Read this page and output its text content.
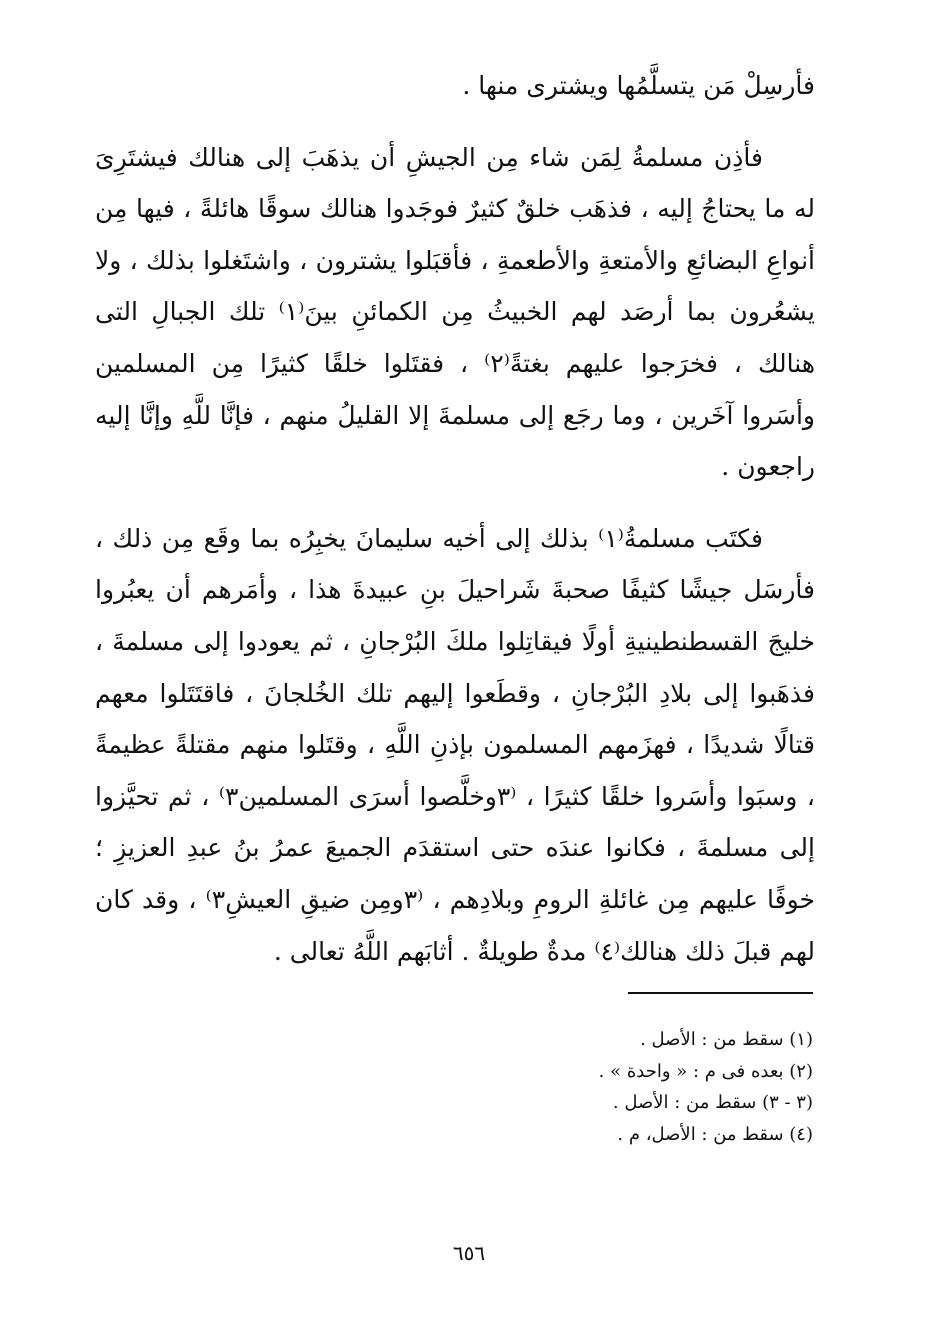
فأرسِلْ مَن يتسلَّمُها ويشترى منها .

فأذِن مسلمةُ لِمَن شاء مِن الجيشِ أن يذهَبَ إلى هنالك فيشتَرِىَ له ما يحتاجُ إليه ، فذهَب خلقٌ كثيرٌ فوجَدوا هنالك سوقًا هائلةً ، فيها مِن أنواعِ البضائعِ والأمتعةِ والأطعمةِ ، فأقبَلوا يشترون ، واشتَغلوا بذلك ، ولا يشعُرون بما أرصَد لهم الخبيثُ مِن الكمائنِ بينَ⁽١⁾ تلك الجبالِ التى هنالك ، فخرَجوا عليهم بغتةً⁽٢⁾ ، فقتَلوا خلقًا كثيرًا مِن المسلمين وأسَروا آخَرين ، وما رجَع إلى مسلمةَ إلا القليلُ منهم ، فإنَّا للَّهِ وإنَّا إليه راجعون .

فكتَب مسلمةُ⁽١⁾ بذلك إلى أخيه سليمانَ يخبِرُه بما وقَع مِن ذلك ، فأرسَل جيشًا كثيفًا صحبةَ شَراحيلَ بنِ عبيدةَ هذا ، وأمَرهم أن يعبُروا خليجَ القسطنطينيةِ أولًا فيقاتِلوا ملكَ البُرْجانِ ، ثم يعودوا إلى مسلمةَ ، فذهَبوا إلى بلادِ البُرْجانِ ، وقطَعوا إليهم تلك الخُلجانَ ، فاقتَتَلوا معهم قتالًا شديدًا ، فهزَمهم المسلمون بإذنِ اللَّهِ ، وقتَلوا منهم مقتلةً عظيمةً ، وسبَوا وأسَروا خلقًا كثيرًا ، ⁽٣وخلَّصوا أسرَى المسلمين٣⁾ ، ثم تحيَّزوا إلى مسلمةَ ، فكانوا عندَه حتى استقدَم الجميعَ عمرُ بنُ عبدِ العزيزِ ؛ خوفًا عليهم مِن غائلةِ الرومِ وبلادِهم ، ⁽٣ومِن ضيقِ العيشِ٣⁾ ، وقد كان لهم قبلَ ذلك هنالك⁽٤⁾ مدةٌ طويلةٌ . أثابَهم اللَّهُ تعالى .

(١) سقط من : الأصل .
(٢) بعده فى م : « واحدة » .
(٣ - ٣) سقط من : الأصل .
(٤) سقط من : الأصل، م .
٦٥٦
